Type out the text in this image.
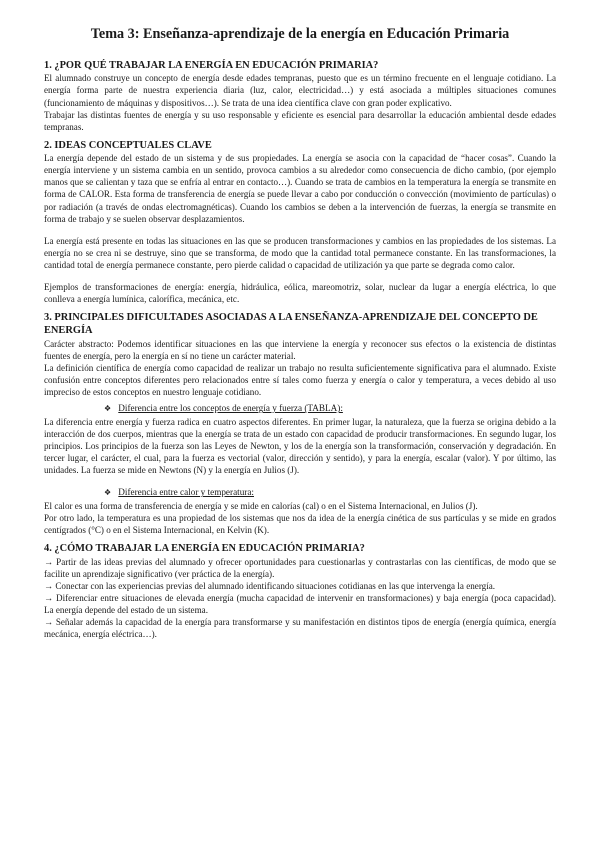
Tema 3: Enseñanza-aprendizaje de la energía en Educación Primaria
1. ¿POR QUÉ TRABAJAR LA ENERGÍA EN EDUCACIÓN PRIMARIA?

El alumnado construye un concepto de energía desde edades tempranas, puesto que es un término frecuente en el lenguaje cotidiano. La energía forma parte de nuestra experiencia diaria (luz, calor, electricidad…) y está asociada a múltiples situaciones comunes (funcionamiento de máquinas y dispositivos…). Se trata de una idea científica clave con gran poder explicativo.

Trabajar las distintas fuentes de energía y su uso responsable y eficiente es esencial para desarrollar la educación ambiental desde edades tempranas.

2. IDEAS CONCEPTUALES CLAVE

La energía depende del estado de un sistema y de sus propiedades. La energía se asocia con la capacidad de “hacer cosas”. Cuando la energía interviene y un sistema cambia en un sentido, provoca cambios a su alrededor como consecuencia de dicho cambio, (por ejemplo manos que se calientan y taza que se enfría al entrar en contacto…). Cuando se trata de cambios en la temperatura la energía se transmite en forma de CALOR. Esta forma de transferencia de energía se puede llevar a cabo por conducción o convección (movimiento de partículas) o por radiación (a través de ondas electromagnéticas). Cuando los cambios se deben a la intervención de fuerzas, la energía se transmite en forma de trabajo y se suelen observar desplazamientos.

La energía está presente en todas las situaciones en las que se producen transformaciones y cambios en las propiedades de los sistemas. La energía no se crea ni se destruye, sino que se transforma, de modo que la cantidad total permanece constante. En las transformaciones, la cantidad total de energía permanece constante, pero pierde calidad o capacidad de utilización ya que parte se degrada como calor.

Ejemplos de transformaciones de energía: energía, hidráulica, eólica, mareomotriz, solar, nuclear da lugar a energía eléctrica, lo que conlleva a energía lumínica, calorífica, mecánica, etc.

3. PRINCIPALES DIFICULTADES ASOCIADAS A LA ENSEÑANZA-APRENDIZAJE DEL CONCEPTO DE ENERGÍA

Carácter abstracto: Podemos identificar situaciones en las que interviene la energía y reconocer sus efectos o la existencia de distintas fuentes de energía, pero la energía en sí no tiene un carácter material.

La definición científica de energía como capacidad de realizar un trabajo no resulta suficientemente significativa para el alumnado. Existe confusión entre conceptos diferentes pero relacionados entre sí tales como fuerza y energía o calor y temperatura, a veces debido al uso impreciso de estos conceptos en nuestro lenguaje cotidiano.

❖ Diferencia entre los conceptos de energía y fuerza (TABLA):

La diferencia entre energía y fuerza radica en cuatro aspectos diferentes. En primer lugar, la naturaleza, que la fuerza se origina debido a la interacción de dos cuerpos, mientras que la energía se trata de un estado con capacidad de producir transformaciones. En segundo lugar, los principios. Los principios de la fuerza son las Leyes de Newton, y los de la energía son la transformación, conservación y degradación. En tercer lugar, el carácter, el cual, para la fuerza es vectorial (valor, dirección y sentido), y para la energía, escalar (valor). Y por último, las unidades. La fuerza se mide en Newtons (N) y la energía en Julios (J).

❖ Diferencia entre calor y temperatura:

El calor es una forma de transferencia de energía y se mide en calorías (cal) o en el Sistema Internacional, en Julios (J).

Por otro lado, la temperatura es una propiedad de los sistemas que nos da idea de la energía cinética de sus partículas y se mide en grados centígrados (°C) o en el Sistema Internacional, en Kelvin (K).

4. ¿CÓMO TRABAJAR LA ENERGÍA EN EDUCACIÓN PRIMARIA?

→ Partir de las ideas previas del alumnado y ofrecer oportunidades para cuestionarlas y contrastarlas con las científicas, de modo que se facilite un aprendizaje significativo (ver práctica de la energía).

→ Conectar con las experiencias previas del alumnado identificando situaciones cotidianas en las que intervenga la energía.

→ Diferenciar entre situaciones de elevada energía (mucha capacidad de intervenir en transformaciones) y baja energía (poca capacidad). La energía depende del estado de un sistema.

→ Señalar además la capacidad de la energía para transformarse y su manifestación en distintos tipos de energía (energía química, energía mecánica, energía eléctrica…).
